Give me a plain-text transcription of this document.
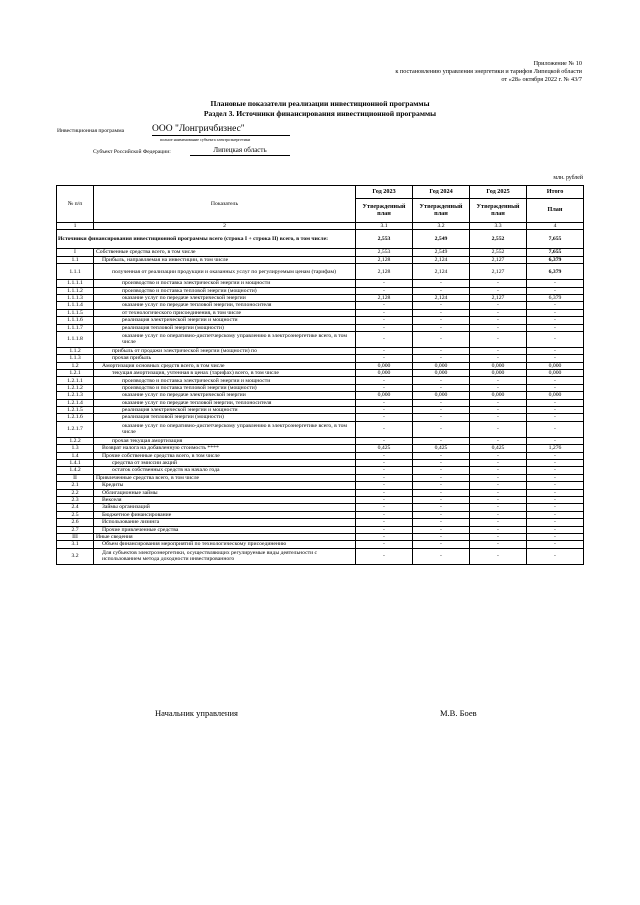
Приложение № 10
к постановлению управления энергетики и тарифов Липецкой области
от «28» октября 2022 г. № 43/7
Плановые показатели реализации инвестиционной программы
Раздел 3. Источники финансирования инвестиционной программы
Инвестиционная программа	ООО "Лонгричбизнес"
полное наименование субъекта электроэнергетики
Субъект Российской Федерации:	Липецкая область
млн. рублей
№ п/п	Показатель	Год 2023	Год 2024	Год 2025	Итого
		Утвержденный план	Утвержденный план	Утвержденный план	План
1	2	3.1	3.2	3.3	4
Источники финансирования инвестиционной программы всего (строка I + строка II) всего, в том числе:		2,553	2,549	2,552	7,655
I	Собственные средства всего, в том числе	2,553	2,549	2,552	7,655
1.1	Прибыль, направляемая на инвестиции, в том числе	2,128	2,124	2,127	6,379
1.1.1	полученная от реализации продукции и оказанных услуг по регулируемым ценам (тарифам)	2,128	2,124	2,127	6,379
1.1.1.1	производство и поставка электрической энергии и мощности	-	-	-	-
1.1.1.2	производство и поставка тепловой энергии (мощности)	-	-	-	-
1.1.1.3	оказание услуг по передаче электрической энергии	2,128	2,124	2,127	6,379
1.1.1.4	оказание услуг по передаче тепловой энергии, теплоносителя	-	-	-	-
1.1.1.5	от технологического присоединения, в том числе	-	-	-	-
1.1.1.6	реализация электрической энергии и мощности	-	-	-	-
1.1.1.7	реализация тепловой энергии (мощности)	-	-	-	-
1.1.1.8	оказание услуг по оперативно-диспетчерскому управлению в электроэнергетике всего, в том числе	-	-	-	-
1.1.2	прибыль от продажи электрической энергии (мощности) по	-	-	-	-
1.1.3	прочая прибыль	-	-	-	-
1.2	Амортизация основных средств всего, в том числе	0,000	0,000	0,000	0,000
1.2.1	текущая амортизация, учтенная в ценах (тарифах) всего, в том числе	0,000	0,000	0,000	0,000
1.2.1.1	производство и поставка электрической энергии и мощности	-	-	-	-
1.2.1.2	производство и поставка тепловой энергии (мощности)	-	-	-	-
1.2.1.3	оказание услуг по передаче электрической энергии	0,000	0,000	0,000	0,000
1.2.1.4	оказание услуг по передаче тепловой энергии, теплоносителя	-	-	-	-
1.2.1.5	реализация электрической энергии и мощности	-	-	-	-
1.2.1.6	реализация тепловой энергии (мощности)	-	-	-	-
1.2.1.7	оказание услуг по оперативно-диспетчерскому управлению в электроэнергетике всего, в том числе	-	-	-	-
1.2.2	прочая текущая амортизация	-	-	-	-
1.3	Возврат налога на добавленную стоимость ****	0,425	0,425	0,425	1,276
1.4	Прочие собственные средства всего, в том числе	-	-	-	-
1.4.1	средства от эмиссии акций	-	-	-	-
1.4.2	остаток собственных средств на начало года	-	-	-	-
II	Привлеченные средства всего, в том числе	-	-	-	-
2.1	Кредиты	-	-	-	-
2.2	Облигационные займы	-	-	-	-
2.3	Векселя	-	-	-	-
2.4	Займы организаций	-	-	-	-
2.5	Бюджетное финансирование	-	-	-	-
2.6	Использование лизинга	-	-	-	-
2.7	Прочие привлеченные средства	-	-	-	-
III	Иные сведения	-	-	-	-
3.1	Объем финансирования мероприятий по технологическому присоединению	-	-	-	-
3.2	Для субъектов электроэнергетики, осуществляющих регулируемые виды деятельности с использованием метода доходности инвестированного	-	-	-	-
Начальник управления	М.В. Боев
